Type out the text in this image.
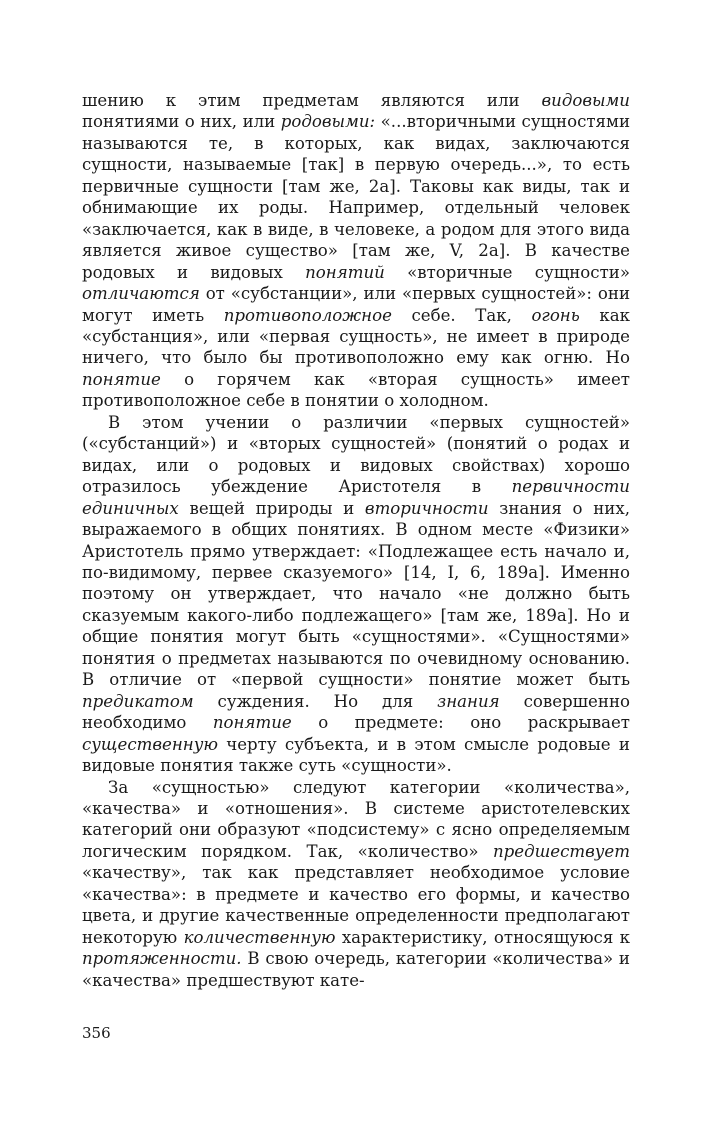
шению к этим предметам являются или видовыми понятиями о них, или родовыми: «...вторичными сущностями называются те, в которых, как видах, заключаются сущности, называемые [так] в первую очередь...», то есть первичные сущности [там же, 2а]. Таковы как виды, так и обнимающие их роды. Например, отдельный человек «заключается, как в виде, в человеке, а родом для этого вида является живое существо» [там же, V, 2а]. В качестве родовых и видовых понятий «вторичные сущности» отличаются от «субстанции», или «первых сущностей»: они могут иметь противоположное себе. Так, огонь как «субстанция», или «первая сущность», не имеет в природе ничего, что было бы противоположно ему как огню. Но понятие о горячем как «вторая сущность» имеет противоположное себе в понятии о холодном.

В этом учении о различии «первых сущностей» («субстанций») и «вторых сущностей» (понятий о родах и видах, или о родовых и видовых свойствах) хорошо отразилось убеждение Аристотеля в первичности единичных вещей природы и вторичности знания о них, выражаемого в общих понятиях. В одном месте «Физики» Аристотель прямо утверждает: «Подлежащее есть начало и, по-видимому, первее сказуемого» [14, I, 6, 189а]. Именно поэтому он утверждает, что начало «не должно быть сказуемым какого-либо подлежащего» [там же, 189а]. Но и общие понятия могут быть «сущностями». «Сущностями» понятия о предметах называются по очевидному основанию. В отличие от «первой сущности» понятие может быть предикатом суждения. Но для знания совершенно необходимо понятие о предмете: оно раскрывает существенную черту субъекта, и в этом смысле родовые и видовые понятия также суть «сущности».

За «сущностью» следуют категории «количества», «качества» и «отношения». В системе аристотелевских категорий они образуют «подсистему» с ясно определяемым логическим порядком. Так, «количество» предшествует «качеству», так как представляет необходимое условие «качества»: в предмете и качество его формы, и качество цвета, и другие качественные определенности предполагают некоторую количественную характеристику, относящуюся к протяженности. В свою очередь, категории «количества» и «качества» предшествуют кате-

356
